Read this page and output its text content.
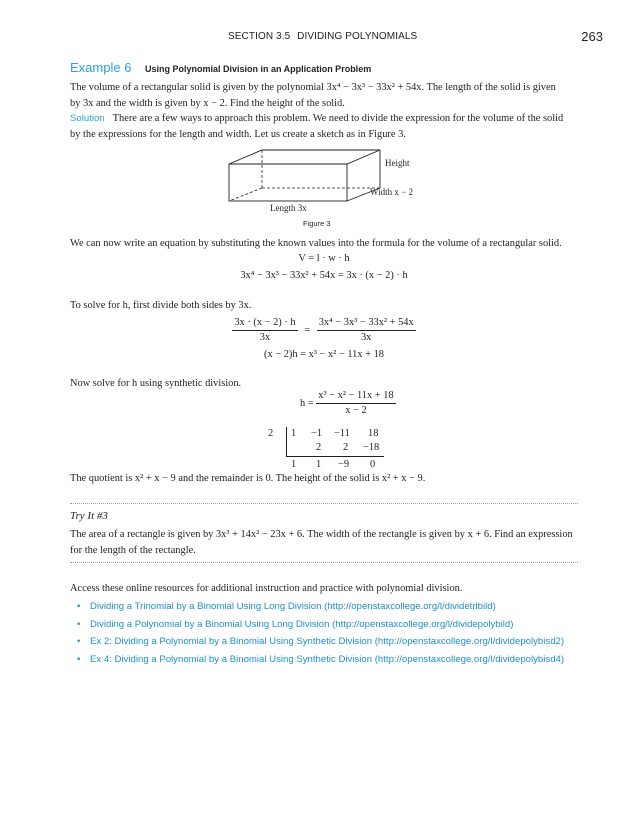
SECTION 3.5 DIVIDING POLYNOMIALS	263
Example 6 Using Polynomial Division in an Application Problem
The volume of a rectangular solid is given by the polynomial 3x⁴ − 3x³ − 33x² + 54x. The length of the solid is given
by 3x and the width is given by x − 2. Find the height of the solid.
Solution There are a few ways to approach this problem. We need to divide the expression for the volume of the solid
by the expressions for the length and width. Let us create a sketch as in Figure 3.
Height
Width x − 2
Length 3x
Figure 3
We can now write an equation by substituting the known values into the formula for the volume of a rectangular solid.
V = l · w · h
3x⁴ − 3x³ − 33x² + 54x = 3x · (x − 2) · h
To solve for h, first divide both sides by 3x.
$\frac{3x \cdot (x - 2) \cdot h}{3x} = \frac{\text{3x⁴ − 3x³ − 33x² + 54x}}{3x}$
(x − 2)h = x³ − x² − 11x + 18
Now solve for h using synthetic division.
$h = \frac{\text{x³ − x² − 11x + 18}}{x - 2}$
2 1 −1 −11 18
2 2 −18
1 1 −9 0
The quotient is x² + x − 9 and the remainder is 0. The height of the solid is x² + x − 9.
Try It #3
The area of a rectangle is given by 3x³ + 14x² − 23x + 6. The width of the rectangle is given by x + 6. Find an expression
for the length of the rectangle.
Access these online resources for additional instruction and practice with polynomial division.
• Dividing a Trinomial by a Binomial Using Long Division (http://openstaxcollege.org/l/dividetribild)
• Dividing a Polynomial by a Binomial Using Long Division (http://openstaxcollege.org/l/dividepolybild)
• Ex 2: Dividing a Polynomial by a Binomial Using Synthetic Division (http://openstaxcollege.org/l/dividepolybisd2)
• Ex 4: Dividing a Polynomial by a Binomial Using Synthetic Division (http://openstaxcollege.org/l/dividepolybisd4)
